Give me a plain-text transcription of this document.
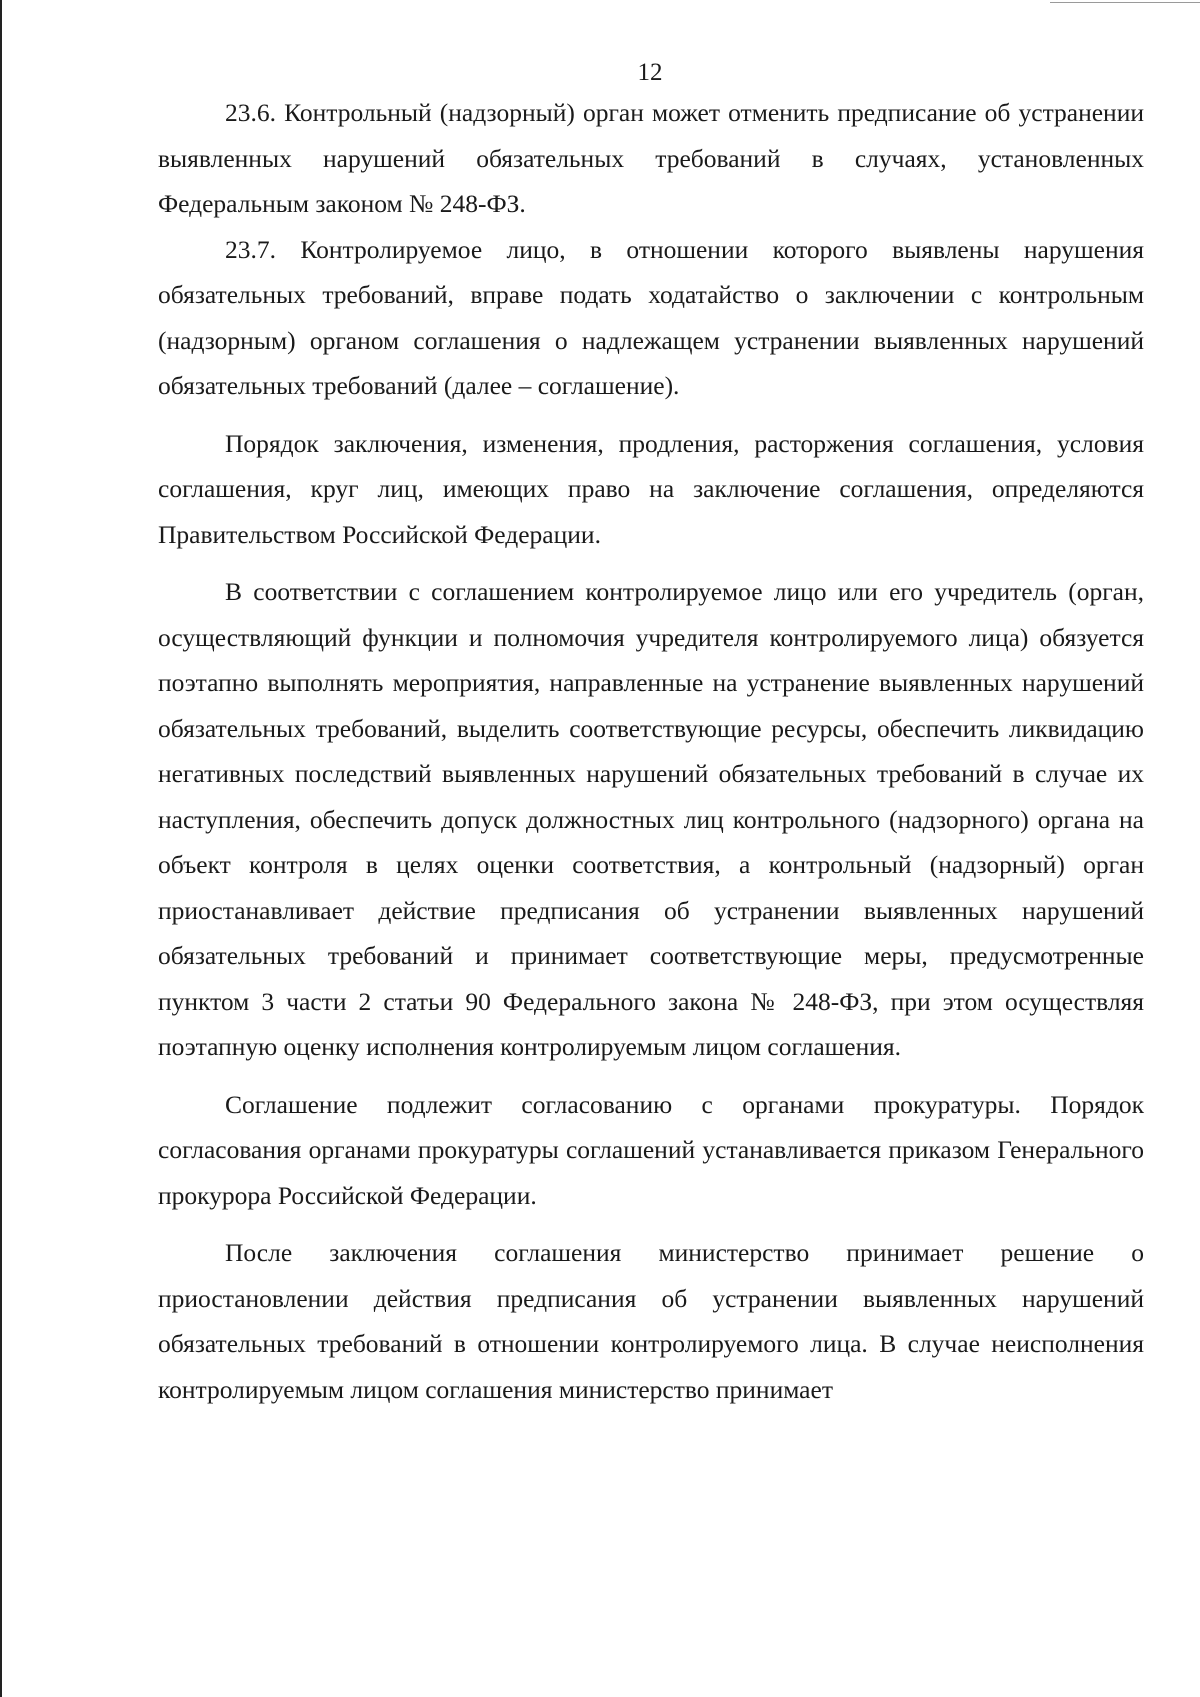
12

23.6. Контрольный (надзорный) орган может отменить предписание об устранении выявленных нарушений обязательных требований в случаях, установленных Федеральным законом № 248-ФЗ.

23.7. Контролируемое лицо, в отношении которого выявлены нарушения обязательных требований, вправе подать ходатайство о заключении с контрольным (надзорным) органом соглашения о надлежащем устранении выявленных нарушений обязательных требований (далее – соглашение).

Порядок заключения, изменения, продления, расторжения соглашения, условия соглашения, круг лиц, имеющих право на заключение соглашения, определяются Правительством Российской Федерации.

В соответствии с соглашением контролируемое лицо или его учредитель (орган, осуществляющий функции и полномочия учредителя контролируемого лица) обязуется поэтапно выполнять мероприятия, направленные на устранение выявленных нарушений обязательных требований, выделить соответствующие ресурсы, обеспечить ликвидацию негативных последствий выявленных нарушений обязательных требований в случае их наступления, обеспечить допуск должностных лиц контрольного (надзорного) органа на объект контроля в целях оценки соответствия, а контрольный (надзорный) орган приостанавливает действие предписания об устранении выявленных нарушений обязательных требований и принимает соответствующие меры, предусмотренные пунктом 3 части 2 статьи 90 Федерального закона № 248-ФЗ, при этом осуществляя поэтапную оценку исполнения контролируемым лицом соглашения.

Соглашение подлежит согласованию с органами прокуратуры. Порядок согласования органами прокуратуры соглашений устанавливается приказом Генерального прокурора Российской Федерации.

После заключения соглашения министерство принимает решение о приостановлении действия предписания об устранении выявленных нарушений обязательных требований в отношении контролируемого лица. В случае неисполнения контролируемым лицом соглашения министерство принимает
